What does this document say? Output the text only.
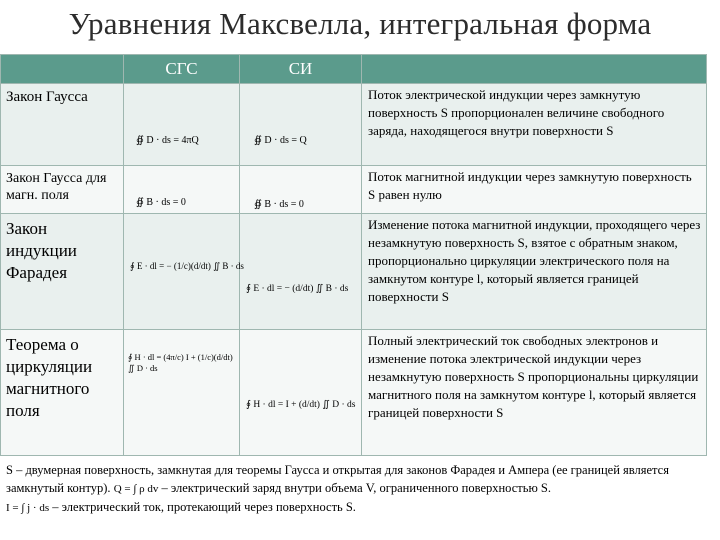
Уравнения Максвелла, интегральная форма
	СГС	СИ	
Закон Гаусса	∯ D · ds = 4πQ	∯ D · ds = Q	Поток электрической индукции через замкнутую поверхность S пропорционален величине свободного заряда, находящегося внутри поверхности S
Закон Гаусса для магн. поля	∯ B · ds = 0	∯ B · ds = 0	Поток магнитной индукции через замкнутую поверхность S равен нулю
Закон индукции Фарадея	∮ E · dl = − (1/c)(d/dt) ∬ B · ds	∮ E · dl = − (d/dt) ∬ B · ds	Изменение потока магнитной индукции, проходящего через незамкнутую поверхность S, взятое с обратным знаком, пропорционально циркуляции электрического поля на замкнутом контуре l, который является границей поверхности S
Теорема о циркуляции магнитного поля	∮ H · dl = (4π/c) I + (1/c)(d/dt) ∬ D · ds	∮ H · dl = I + (d/dt) ∬ D · ds	Полный электрический ток свободных электронов и изменение потока электрической индукции через незамкнутую поверхность S пропорциональны циркуляции магнитного поля на замкнутом контуре l, который является границей поверхности S
S – двумерная поверхность, замкнутая для теоремы Гаусса и открытая для законов Фарадея и Ампера (ее границей является замкнутый контур). Q = ∫ ρ dv – электрический заряд внутри объема V, ограниченного поверхностью S.
I = ∫ j · ds – электрический ток, протекающий через поверхность S.
